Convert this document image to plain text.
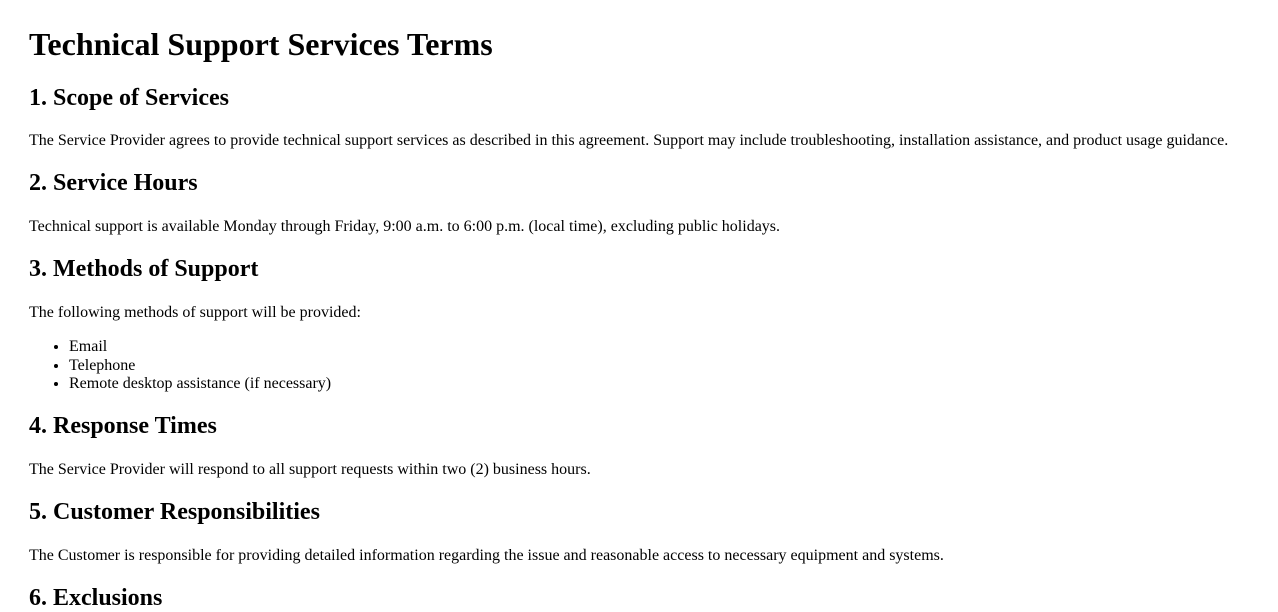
Technical Support Services Terms
1. Scope of Services

The Service Provider agrees to provide technical support services as described in this agreement. Support may include troubleshooting, installation assistance, and product usage guidance.

2. Service Hours

Technical support is available Monday through Friday, 9:00 a.m. to 6:00 p.m. (local time), excluding public holidays.

3. Methods of Support

The following methods of support will be provided:

• Email
• Telephone
• Remote desktop assistance (if necessary)
4. Response Times

The Service Provider will respond to all support requests within two (2) business hours.

5. Customer Responsibilities

The Customer is responsible for providing detailed information regarding the issue and reasonable access to necessary equipment and systems.

6. Exclusions
